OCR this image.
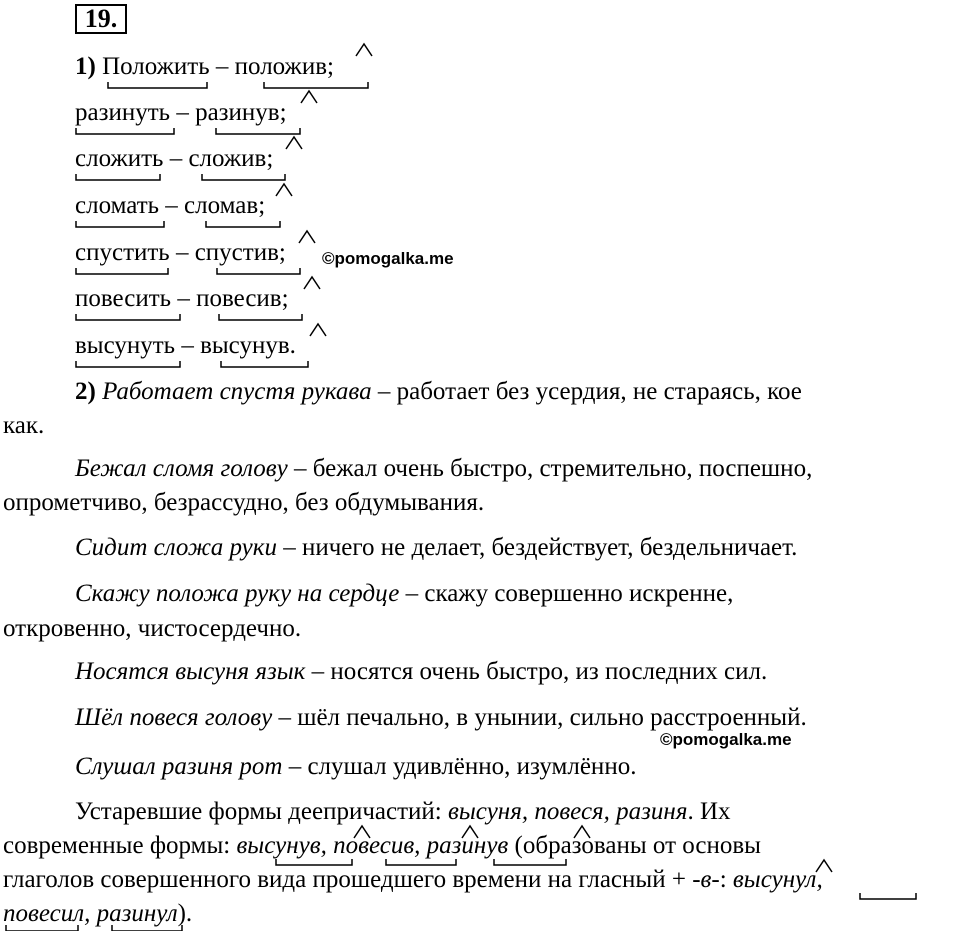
19.
1) Положить – положив;
разинуть – разинув;
сложить – сложив;
сломать – сломав;
спустить – спустив;
повесить – повесив;
высунуть – высунув.
©pomogalka.me
2) Работает спустя рукава – работает без усердия, не стараясь, кое
как.
Бежал сломя голову – бежал очень быстро, стремительно, поспешно,
опрометчиво, безрассудно, без обдумывания.
Сидит сложа руки – ничего не делает, бездействует, бездельничает.
Скажу положа руку на сердце – скажу совершенно искренне,
откровенно, чистосердечно.
Носятся высуня язык – носятся очень быстро, из последних сил.
Шёл повеся голову – шёл печально, в унынии, сильно расстроенный.
©pomogalka.me
Слушал разиня рот – слушал удивлённо, изумлённо.
Устаревшие формы деепричастий: высуня, повеся, разиня. Их
современные формы: высунув, повесив, разинув (образованы от основы
глаголов совершенного вида прошедшего времени на гласный + -в-: высунул,
повесил, разинул).
